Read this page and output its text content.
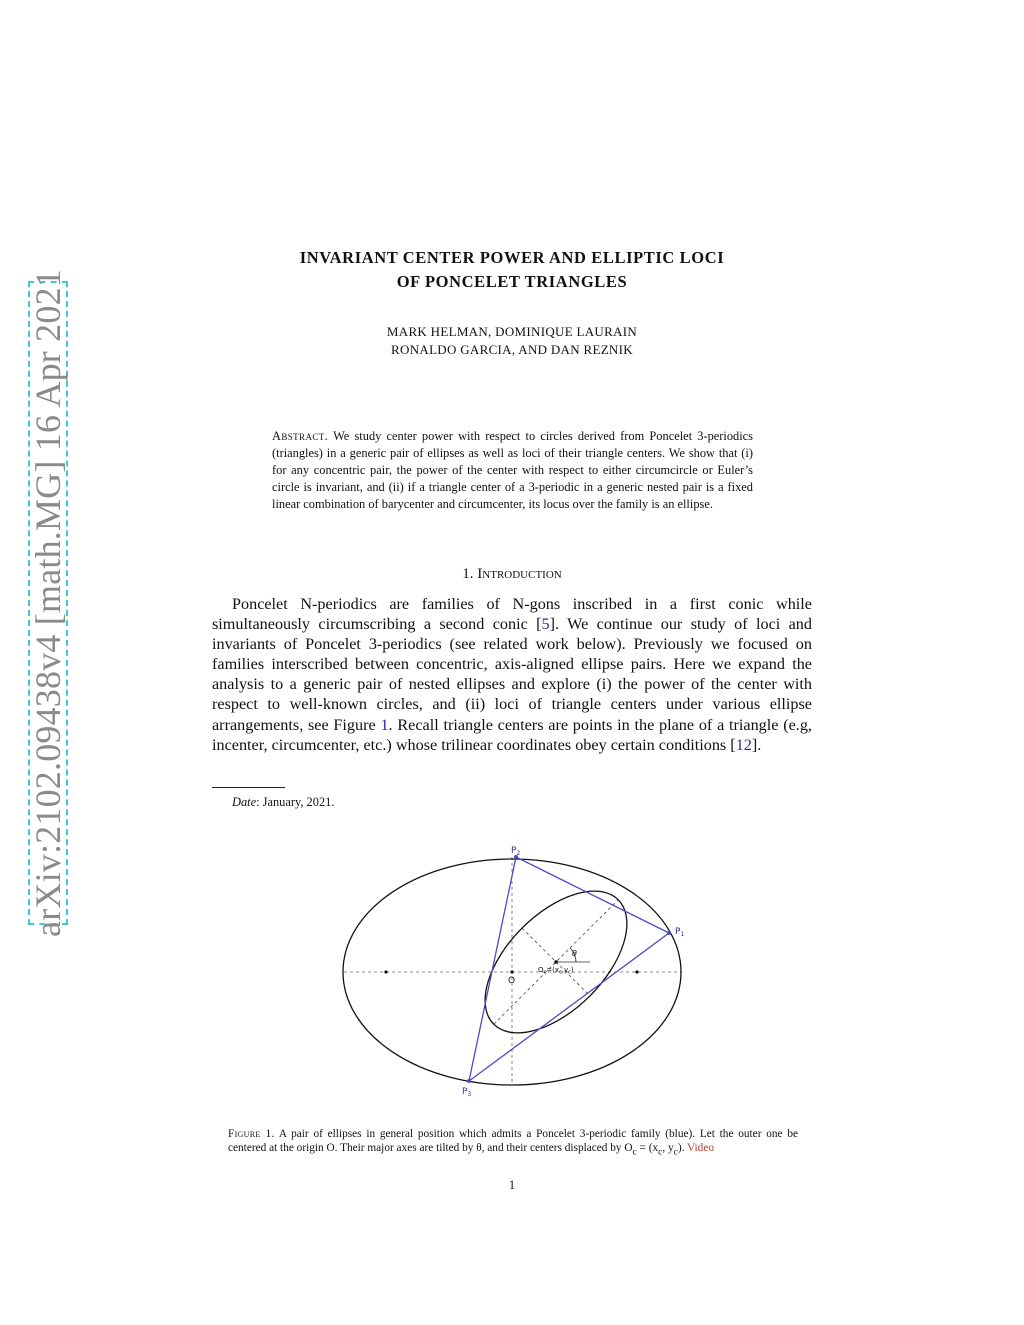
arXiv:2102.09438v4 [math.MG] 16 Apr 2021
INVARIANT CENTER POWER AND ELLIPTIC LOCI
OF PONCELET TRIANGLES
MARK HELMAN, DOMINIQUE LAURAIN
RONALDO GARCIA, AND DAN REZNIK
Abstract. We study center power with respect to circles derived from Poncelet 3-periodics (triangles) in a generic pair of ellipses as well as loci of their triangle centers. We show that (i) for any concentric pair, the power of the center with respect to either circumcircle or Euler’s circle is invariant, and (ii) if a triangle center of a 3-periodic in a generic nested pair is a fixed linear combination of barycenter and circumcenter, its locus over the family is an ellipse.
1. Introduction
Poncelet N-periodics are families of N-gons inscribed in a first conic while simultaneously circumscribing a second conic [5]. We continue our study of loci and invariants of Poncelet 3-periodics (see related work below). Previously we focused on families interscribed between concentric, axis-aligned ellipse pairs. Here we expand the analysis to a generic pair of nested ellipses and explore (i) the power of the center with respect to well-known circles, and (ii) loci of triangle centers under various ellipse arrangements, see Figure 1. Recall triangle centers are points in the plane of a triangle (e.g, incenter, circumcenter, etc.) whose trilinear coordinates obey certain conditions [12].
Date: January, 2021.
$P_1$
$P_2$
$P_3$
O
θ
$O_c=(x_c,y_c)$
Figure 1. A pair of ellipses in general position which admits a Poncelet 3-periodic family (blue). Let the outer one be centered at the origin O. Their major axes are tilted by θ, and their centers displaced by $O_c = (x_c$, $y_c$). Video
1
